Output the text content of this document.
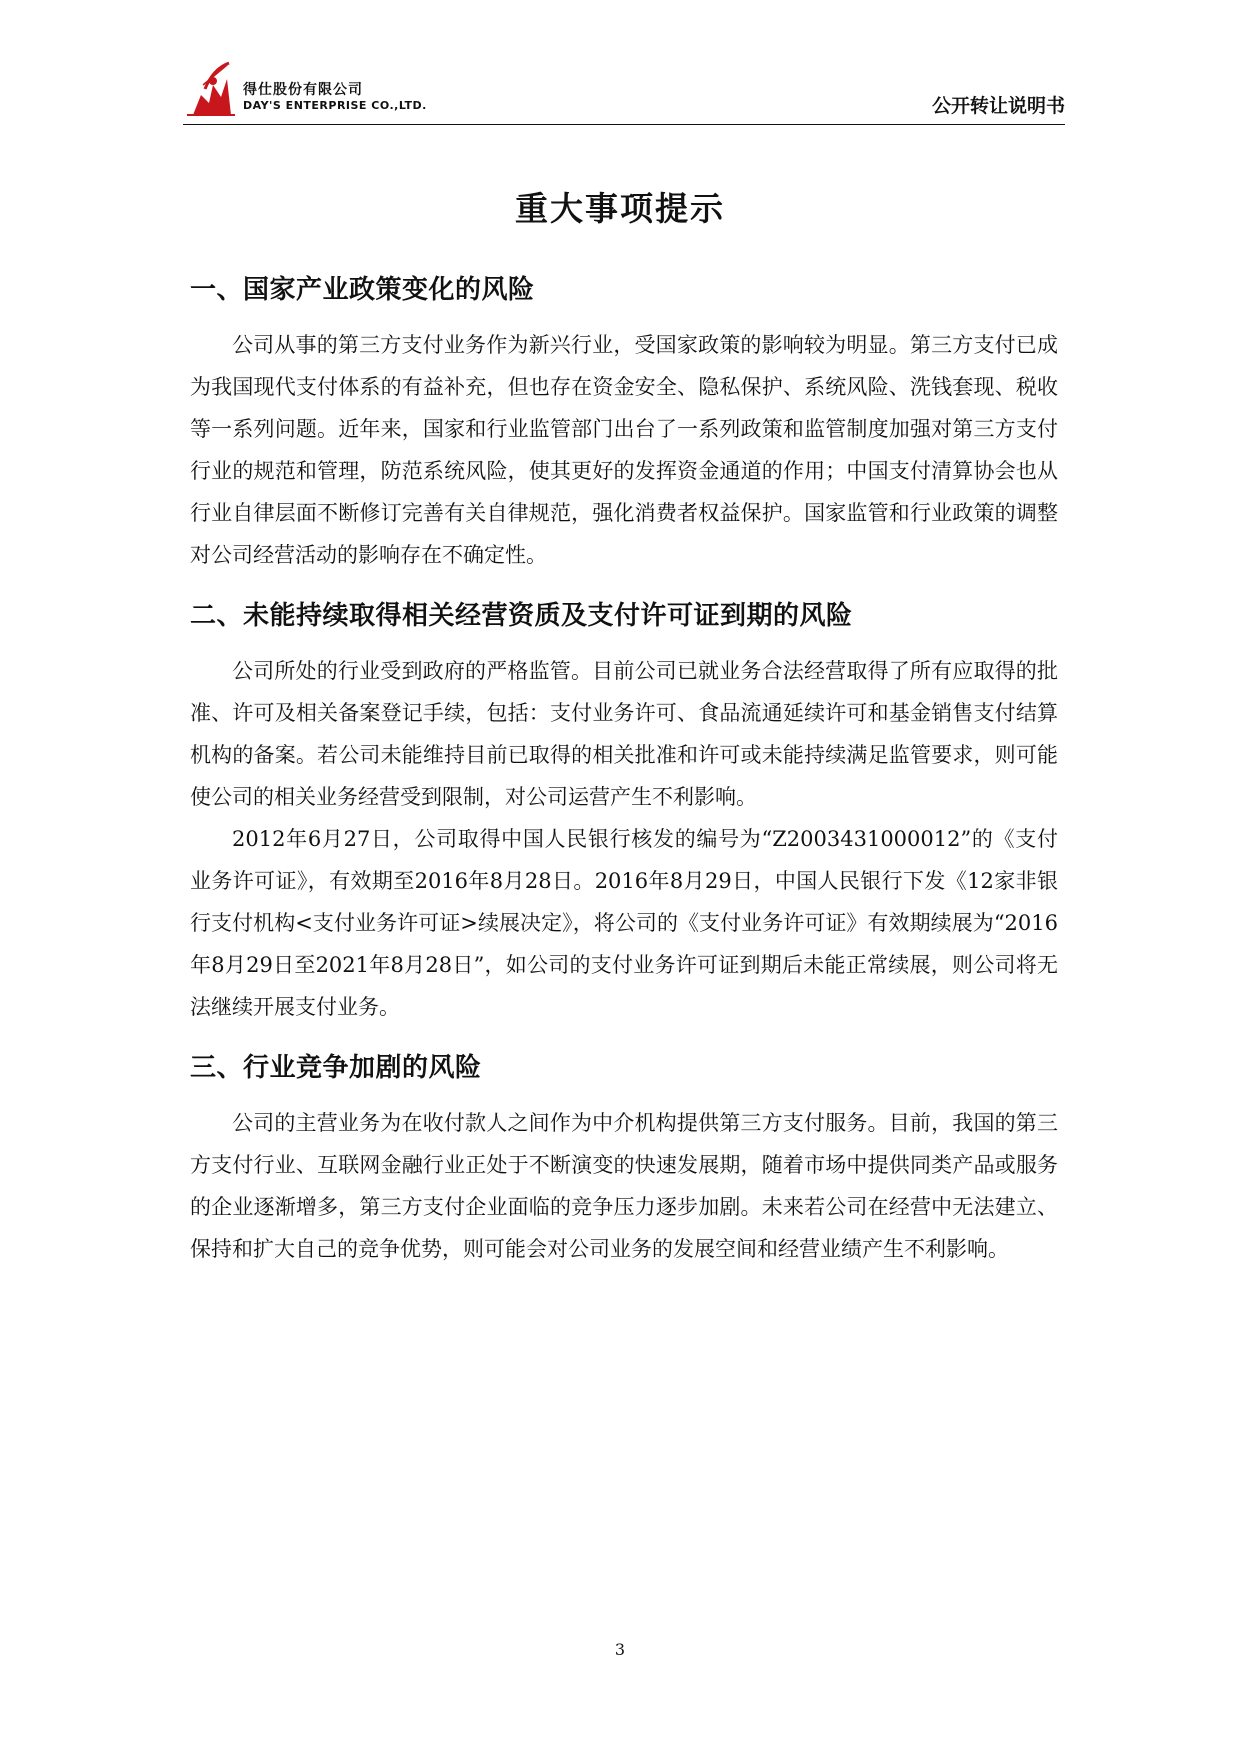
得仕股份有限公司
DAY'S ENTERPRISE CO.,LTD.	公开转让说明书
重大事项提示
一、国家产业政策变化的风险

公司从事的第三方支付业务作为新兴行业，受国家政策的影响较为明显。第三方支付已成为我国现代支付体系的有益补充，但也存在资金安全、隐私保护、系统风险、洗钱套现、税收等一系列问题。近年来，国家和行业监管部门出台了一系列政策和监管制度加强对第三方支付行业的规范和管理，防范系统风险，使其更好的发挥资金通道的作用；中国支付清算协会也从行业自律层面不断修订完善有关自律规范，强化消费者权益保护。国家监管和行业政策的调整对公司经营活动的影响存在不确定性。

二、未能持续取得相关经营资质及支付许可证到期的风险

公司所处的行业受到政府的严格监管。目前公司已就业务合法经营取得了所有应取得的批准、许可及相关备案登记手续，包括：支付业务许可、食品流通延续许可和基金销售支付结算机构的备案。若公司未能维持目前已取得的相关批准和许可或未能持续满足监管要求，则可能使公司的相关业务经营受到限制，对公司运营产生不利影响。

2012年6月27日，公司取得中国人民银行核发的编号为“Z2003431000012”的《支付业务许可证》，有效期至2016年8月28日。2016年8月29日，中国人民银行下发《12家非银行支付机构<支付业务许可证>续展决定》，将公司的《支付业务许可证》有效期续展为“2016年8月29日至2021年8月28日”，如公司的支付业务许可证到期后未能正常续展，则公司将无法继续开展支付业务。

三、行业竞争加剧的风险

公司的主营业务为在收付款人之间作为中介机构提供第三方支付服务。目前，我国的第三方支付行业、互联网金融行业正处于不断演变的快速发展期，随着市场中提供同类产品或服务的企业逐渐增多，第三方支付企业面临的竞争压力逐步加剧。未来若公司在经营中无法建立、保持和扩大自己的竞争优势，则可能会对公司业务的发展空间和经营业绩产生不利影响。

3
